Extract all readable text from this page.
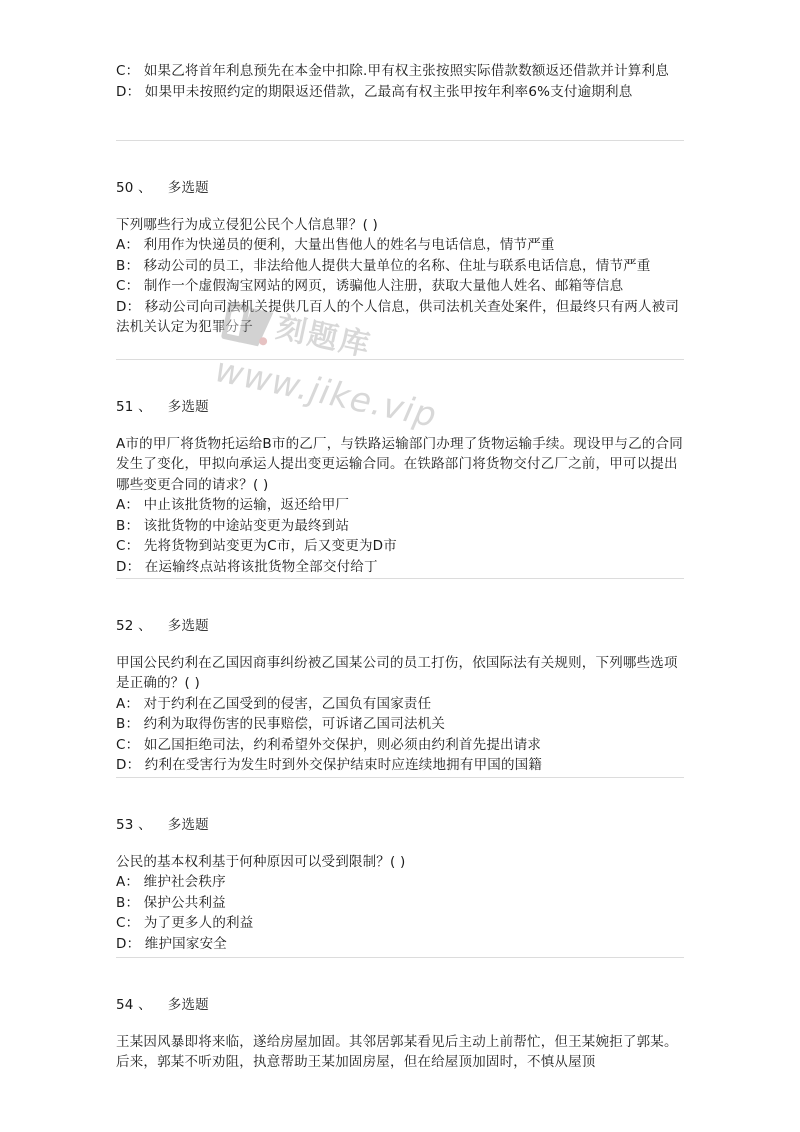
C： 如果乙将首年利息预先在本金中扣除.甲有权主张按照实际借款数额返还借款并计算利息
D： 如果甲未按照约定的期限返还借款，乙最高有权主张甲按年利率6%支付逾期利息
50 、 多选题
下列哪些行为成立侵犯公民个人信息罪？( )
A： 利用作为快递员的便利，大量出售他人的姓名与电话信息，情节严重
B： 移动公司的员工，非法给他人提供大量单位的名称、住址与联系电话信息，情节严重
C： 制作一个虚假淘宝网站的网页，诱骗他人注册，获取大量他人姓名、邮箱等信息
D： 移动公司向司法机关提供几百人的个人信息，供司法机关查处案件，但最终只有两人被司法机关认定为犯罪分子
51 、 多选题
A市的甲厂将货物托运给B市的乙厂，与铁路运输部门办理了货物运输手续。现设甲与乙的合同发生了变化，甲拟向承运人提出变更运输合同。在铁路部门将货物交付乙厂之前，甲可以提出哪些变更合同的请求？( )
A： 中止该批货物的运输，返还给甲厂
B： 该批货物的中途站变更为最终到站
C： 先将货物到站变更为C市，后又变更为D市
D： 在运输终点站将该批货物全部交付给丁
52 、 多选题
甲国公民约利在乙国因商事纠纷被乙国某公司的员工打伤，依国际法有关规则，下列哪些选项是正确的？( )
A： 对于约利在乙国受到的侵害，乙国负有国家责任
B： 约利为取得伤害的民事赔偿，可诉诸乙国司法机关
C： 如乙国拒绝司法，约利希望外交保护，则必须由约利首先提出请求
D： 约利在受害行为发生时到外交保护结束时应连续地拥有甲国的国籍
53 、 多选题
公民的基本权利基于何种原因可以受到限制？( )
A： 维护社会秩序
B： 保护公共利益
C： 为了更多人的利益
D： 维护国家安全
54 、 多选题
王某因风暴即将来临，遂给房屋加固。其邻居郭某看见后主动上前帮忙，但王某婉拒了郭某。后来，郭某不听劝阻，执意帮助王某加固房屋，但在给屋顶加固时，不慎从屋顶
刻题库
www.jike.vip
